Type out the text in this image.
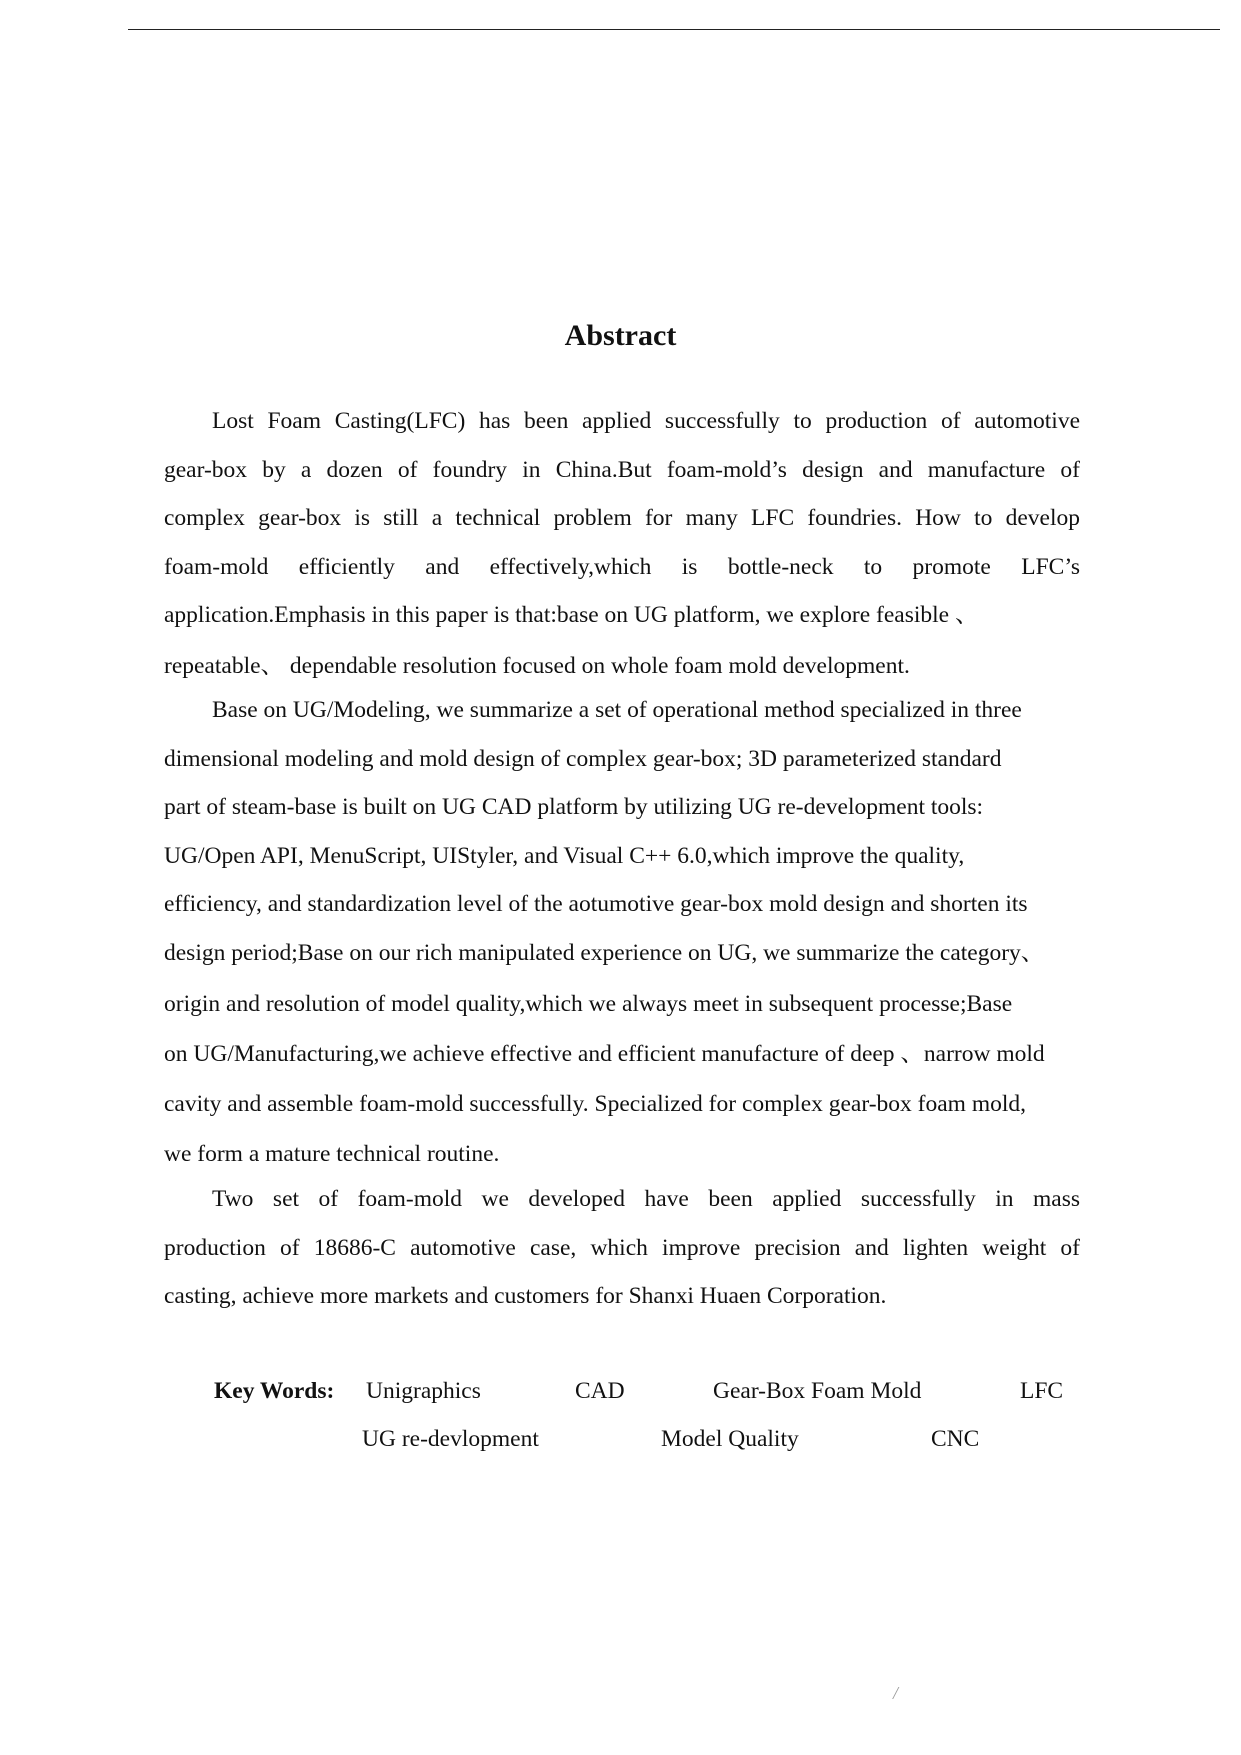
Abstract

Lost Foam Casting(LFC) has been applied successfully to production of automotive
gear-box by a dozen of foundry in China.But foam-mold’s design and manufacture of
complex gear-box is still a technical problem for many LFC foundries. How to develop
foam-mold efficiently and effectively,which is bottle-neck to promote LFC’s
application.Emphasis in this paper is that:base on UG platform, we explore feasible 、
repeatable、 dependable resolution focused on whole foam mold development.

Base on UG/Modeling, we summarize a set of operational method specialized in three
dimensional modeling and mold design of complex gear-box; 3D parameterized standard
part of steam-base is built on UG CAD platform by utilizing UG re-development tools:
UG/Open API, MenuScript, UIStyler, and Visual C++ 6.0,which improve the quality,
efficiency, and standardization level of the aotumotive gear-box mold design and shorten its
design period;Base on our rich manipulated experience on UG, we summarize the category、
origin and resolution of model quality,which we always meet in subsequent processe;Base
on UG/Manufacturing,we achieve effective and efficient manufacture of deep 、narrow mold
cavity and assemble foam-mold successfully. Specialized for complex gear-box foam mold,
we form a mature technical routine.

Two set of foam-mold we developed have been applied successfully in mass
production of 18686-C automotive case, which improve precision and lighten weight of
casting, achieve more markets and customers for Shanxi Huaen Corporation.

Key Words: Unigraphics	CAD	Gear-Box Foam Mold	LFC
UG re-devlopment	Model Quality	CNC
/
